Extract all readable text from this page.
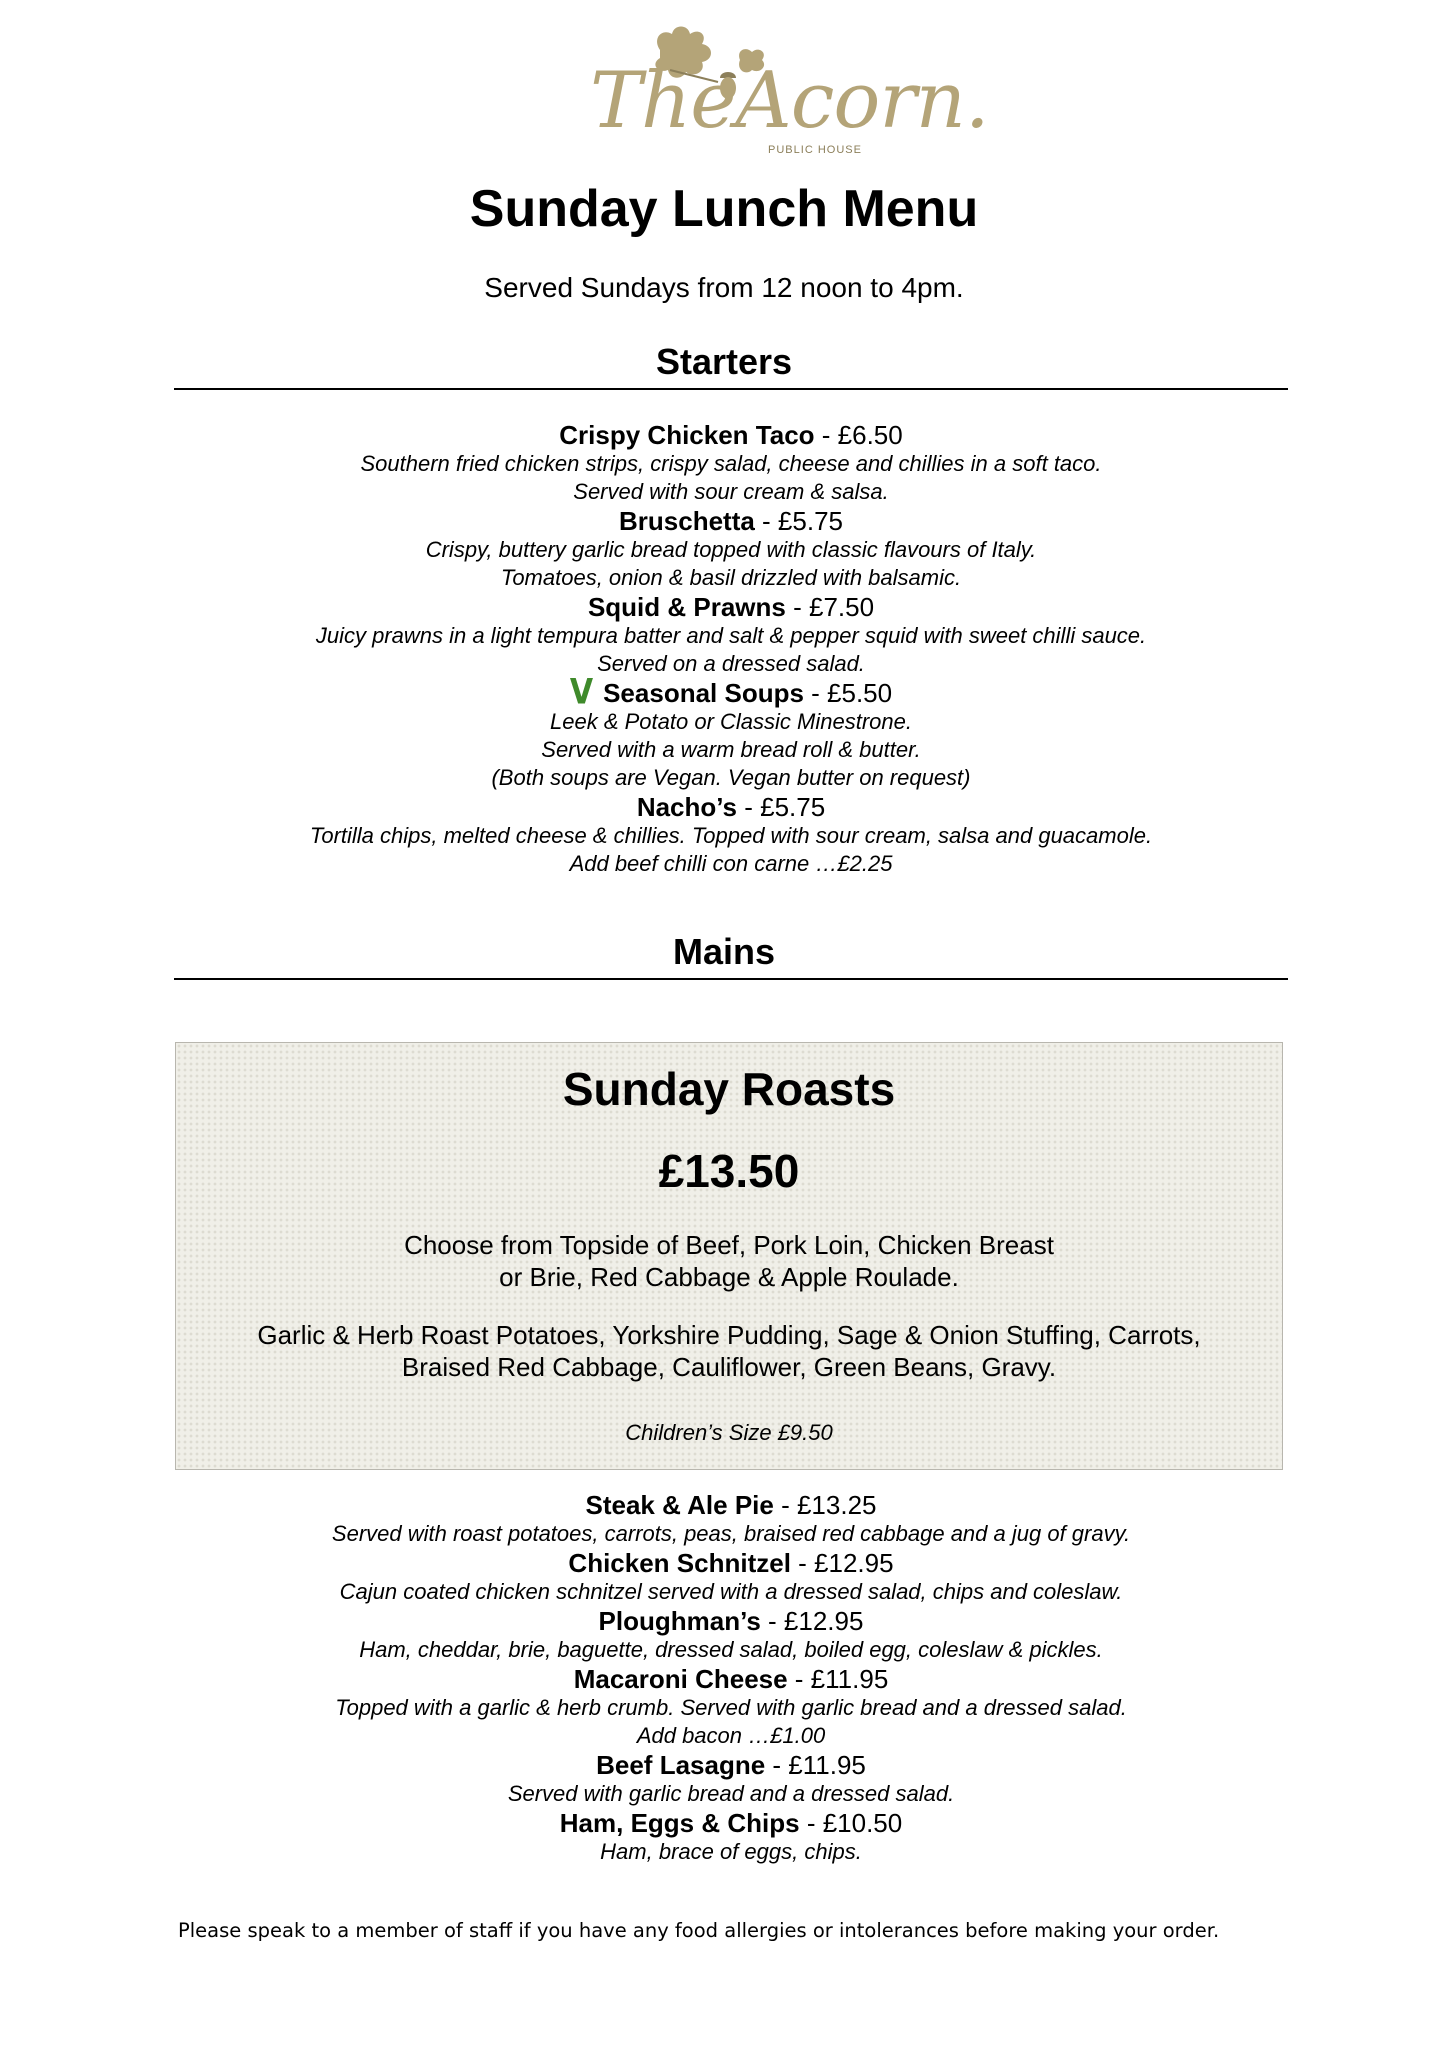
TheAcorn.
PUBLIC HOUSE
Sunday Lunch Menu
Served Sundays from 12 noon to 4pm.
Starters
Crispy Chicken Taco - £6.50
Southern fried chicken strips, crispy salad, cheese and chillies in a soft taco.
Served with sour cream & salsa.
Bruschetta - £5.75
Crispy, buttery garlic bread topped with classic flavours of Italy.
Tomatoes, onion & basil drizzled with balsamic.
Squid & Prawns - £7.50
Juicy prawns in a light tempura batter and salt & pepper squid with sweet chilli sauce.
Served on a dressed salad.
V Seasonal Soups - £5.50
Leek & Potato or Classic Minestrone.
Served with a warm bread roll & butter.
(Both soups are Vegan. Vegan butter on request)
Nacho’s - £5.75
Tortilla chips, melted cheese & chillies. Topped with sour cream, salsa and guacamole.
Add beef chilli con carne …£2.25
Mains
Sunday Roasts
£13.50
Choose from Topside of Beef, Pork Loin, Chicken Breast
or Brie, Red Cabbage & Apple Roulade.
Garlic & Herb Roast Potatoes, Yorkshire Pudding, Sage & Onion Stuffing, Carrots,
Braised Red Cabbage, Cauliflower, Green Beans, Gravy.
Children’s Size £9.50
Steak & Ale Pie - £13.25
Served with roast potatoes, carrots, peas, braised red cabbage and a jug of gravy.
Chicken Schnitzel - £12.95
Cajun coated chicken schnitzel served with a dressed salad, chips and coleslaw.
Ploughman’s - £12.95
Ham, cheddar, brie, baguette, dressed salad, boiled egg, coleslaw & pickles.
Macaroni Cheese - £11.95
Topped with a garlic & herb crumb. Served with garlic bread and a dressed salad.
Add bacon …£1.00
Beef Lasagne - £11.95
Served with garlic bread and a dressed salad.
Ham, Eggs & Chips - £10.50
Ham, brace of eggs, chips.
Please speak to a member of staff if you have any food allergies or intolerances before making your order.
